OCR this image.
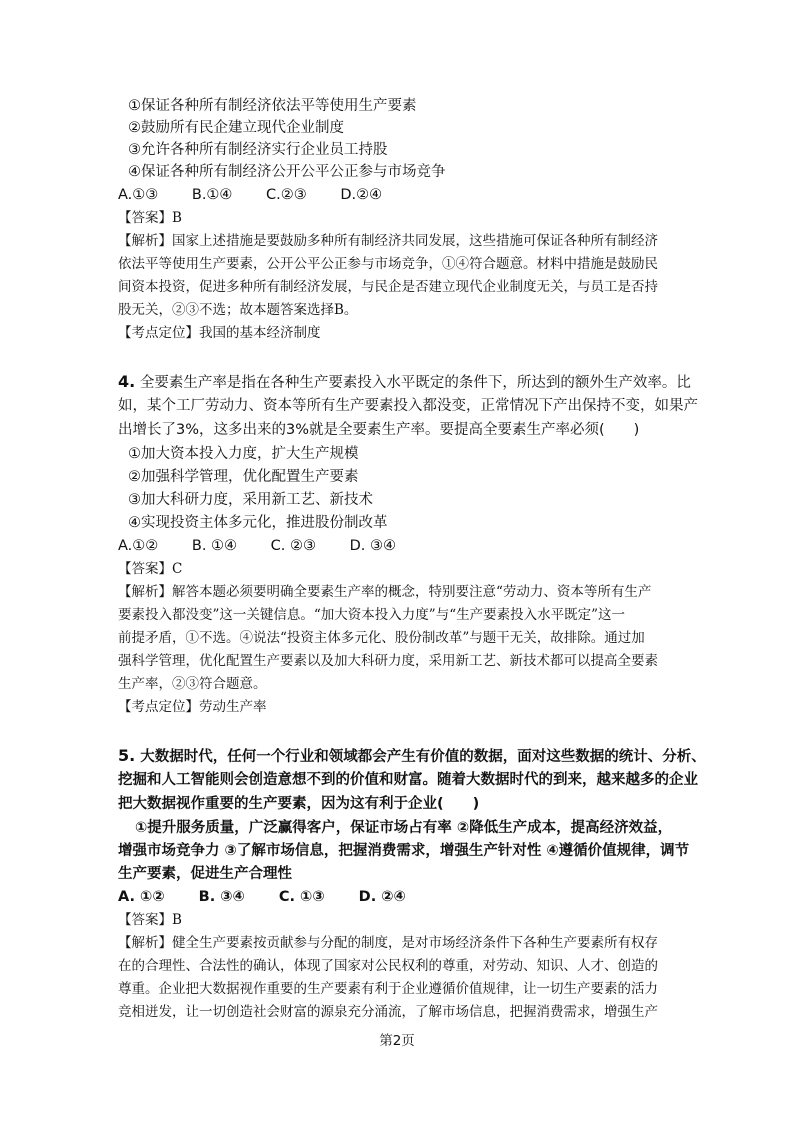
①保证各种所有制经济依法平等使用生产要素
②鼓励所有民企建立现代企业制度
③允许各种所有制经济实行企业员工持股
④保证各种所有制经济公开公平公正参与市场竞争
A.①③　　 B.①④　　 C.②③　　 D.②④
【答案】B
【解析】国家上述措施是要鼓励多种所有制经济共同发展，这些措施可保证各种所有制经济
依法平等使用生产要素，公开公平公正参与市场竞争，①④符合题意。材料中措施是鼓励民
间资本投资，促进多种所有制经济发展，与民企是否建立现代企业制度无关，与员工是否持
股无关，②③不选；故本题答案选择B。
【考点定位】我国的基本经济制度
4. 全要素生产率是指在各种生产要素投入水平既定的条件下，所达到的额外生产效率。比
如，某个工厂劳动力、资本等所有生产要素投入都没变，正常情况下产出保持不变，如果产
出增长了3%，这多出来的3%就是全要素生产率。要提高全要素生产率必须(　　)
①加大资本投入力度，扩大生产规模
②加强科学管理，优化配置生产要素
③加大科研力度，采用新工艺、新技术
④实现投资主体多元化，推进股份制改革
A.①②　　 B. ①④　　 C. ②③　　 D. ③④
【答案】C
【解析】解答本题必须要明确全要素生产率的概念，特别要注意“劳动力、资本等所有生产
要素投入都没变”这一关键信息。“加大资本投入力度”与“生产要素投入水平既定”这一
前提矛盾，①不选。④说法“投资主体多元化、股份制改革”与题干无关，故排除。通过加
强科学管理，优化配置生产要素以及加大科研力度，采用新工艺、新技术都可以提高全要素
生产率，②③符合题意。
【考点定位】劳动生产率
5. 大数据时代，任何一个行业和领域都会产生有价值的数据，面对这些数据的统计、分析、
挖掘和人工智能则会创造意想不到的价值和财富。随着大数据时代的到来，越来越多的企业
把大数据视作重要的生产要素，因为这有利于企业(　　)
①提升服务质量，广泛赢得客户，保证市场占有率 ②降低生产成本，提高经济效益，
增强市场竞争力 ③了解市场信息，把握消费需求，增强生产针对性 ④遵循价值规律，调节
生产要素，促进生产合理性
A. ①②　　 B. ③④　　 C. ①③　　 D. ②④
【答案】B
【解析】健全生产要素按贡献参与分配的制度，是对市场经济条件下各种生产要素所有权存
在的合理性、合法性的确认，体现了国家对公民权利的尊重，对劳动、知识、人才、创造的
尊重。企业把大数据视作重要的生产要素有利于企业遵循价值规律，让一切生产要素的活力
竞相迸发，让一切创造社会财富的源泉充分涌流，了解市场信息，把握消费需求，增强生产
第2页
